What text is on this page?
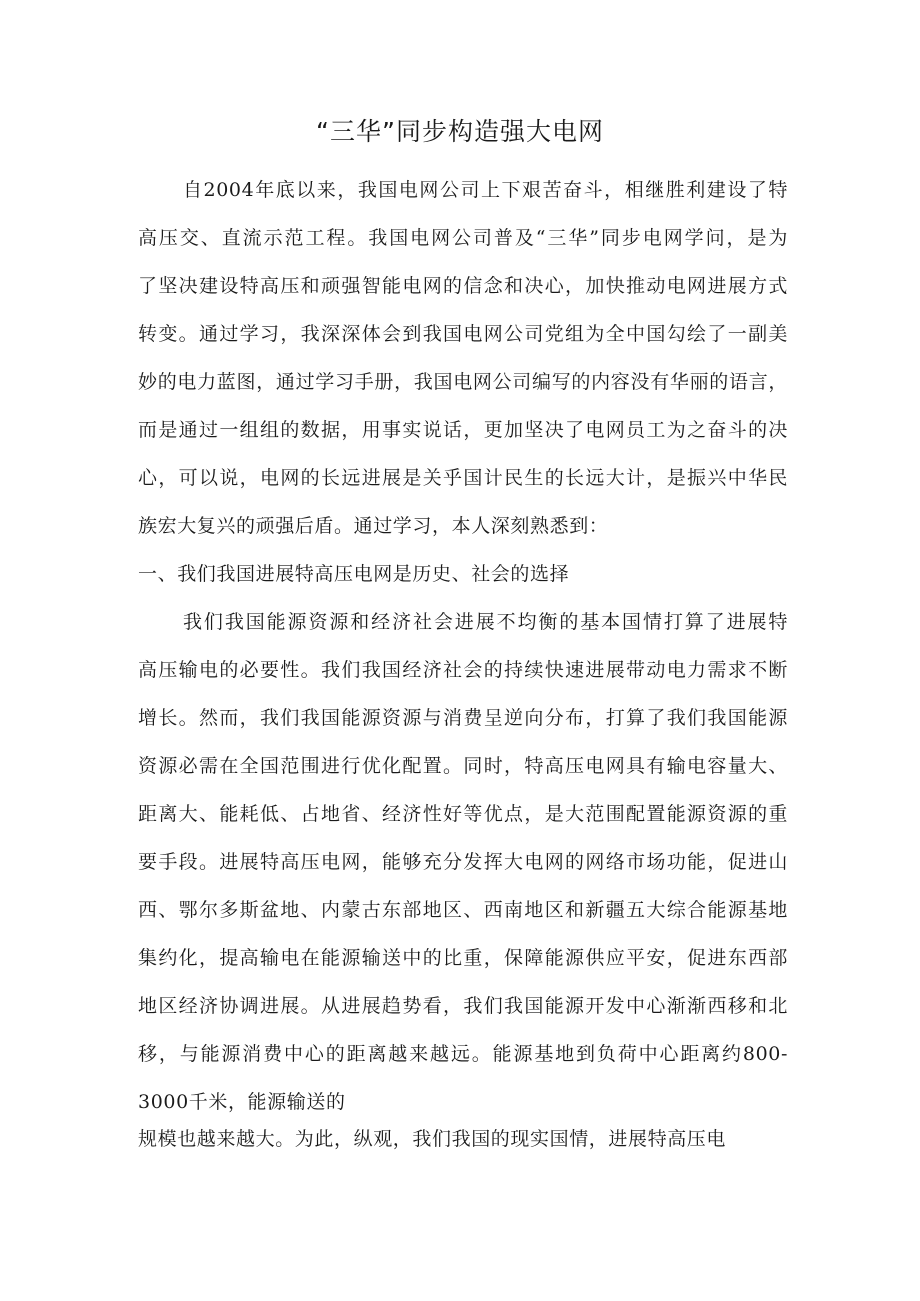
“三华”同步构造强大电网
自2004年底以来，我国电网公司上下艰苦奋斗，相继胜利建设了特
高压交、直流示范工程。我国电网公司普及“三华”同步电网学问，是为
了坚决建设特高压和顽强智能电网的信念和决心，加快推动电网进展方式
转变。通过学习，我深深体会到我国电网公司党组为全中国勾绘了一副美
妙的电力蓝图，通过学习手册，我国电网公司编写的内容没有华丽的语言，
而是通过一组组的数据，用事实说话，更加坚决了电网员工为之奋斗的决
心，可以说，电网的长远进展是关乎国计民生的长远大计，是振兴中华民
族宏大复兴的顽强后盾。通过学习，本人深刻熟悉到：
一、我们我国进展特高压电网是历史、社会的选择
我们我国能源资源和经济社会进展不均衡的基本国情打算了进展特
高压输电的必要性。我们我国经济社会的持续快速进展带动电力需求不断
增长。然而，我们我国能源资源与消费呈逆向分布，打算了我们我国能源
资源必需在全国范围进行优化配置。同时，特高压电网具有输电容量大、
距离大、能耗低、占地省、经济性好等优点，是大范围配置能源资源的重
要手段。进展特高压电网，能够充分发挥大电网的网络市场功能，促进山
西、鄂尔多斯盆地、内蒙古东部地区、西南地区和新疆五大综合能源基地
集约化，提高输电在能源输送中的比重，保障能源供应平安，促进东西部
地区经济协调进展。从进展趋势看，我们我国能源开发中心渐渐西移和北
移，与能源消费中心的距离越来越远。能源基地到负荷中心距离约800-
3000千米，能源输送的
规模也越来越大。为此，纵观，我们我国的现实国情，进展特高压电
